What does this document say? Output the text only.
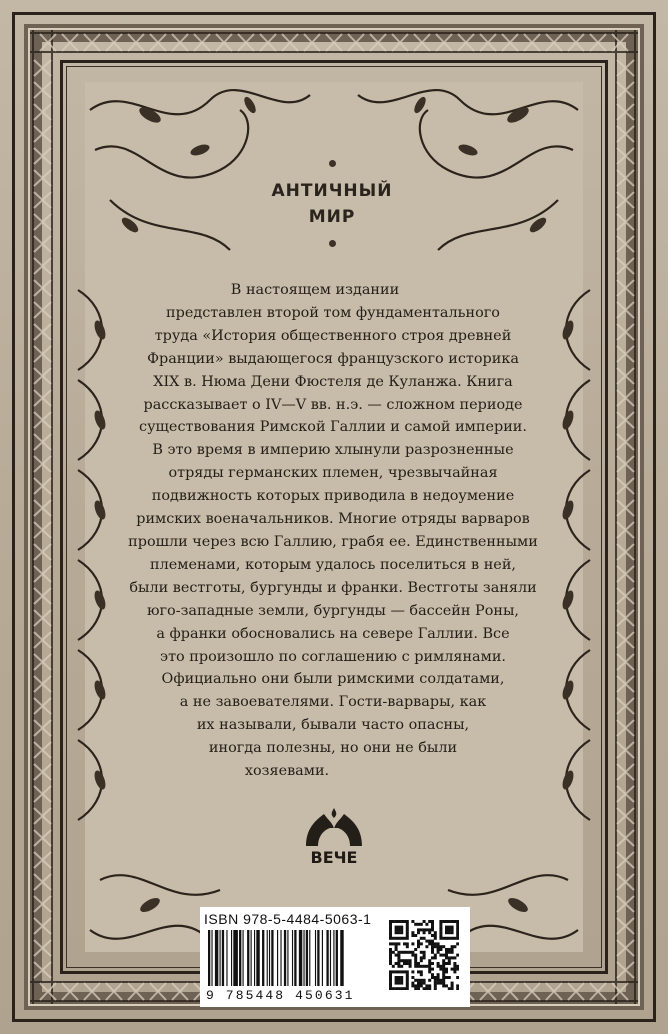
АНТИЧНЫЙ
МИР
В настоящем издании
представлен второй том фундаментального
труда «История общественного строя древней
Франции» выдающегося французского историка
XIX в. Нюма Дени Фюстеля де Куланжа. Книга
рассказывает о IV—V вв. н.э. — сложном периоде
существования Римской Галлии и самой империи.
В это время в империю хлынули разрозненные
отряды германских племен, чрезвычайная
подвижность которых приводила в недоумение
римских военачальников. Многие отряды варваров
прошли через всю Галлию, грабя ее. Единственными
племенами, которым удалось поселиться в ней,
были вестготы, бургунды и франки. Вестготы заняли
юго-западные земли, бургунды — бассейн Роны,
а франки обосновались на севере Галлии. Все
это произошло по соглашению с римлянами.
Официально они были римскими солдатами,
а не завоевателями. Гости-варвары, как
их называли, бывали часто опасны,
иногда полезны, но они не были
хозяевами.
ВЕЧЕ
ISBN 978-5-4484-5063-1
9 785448 450631
